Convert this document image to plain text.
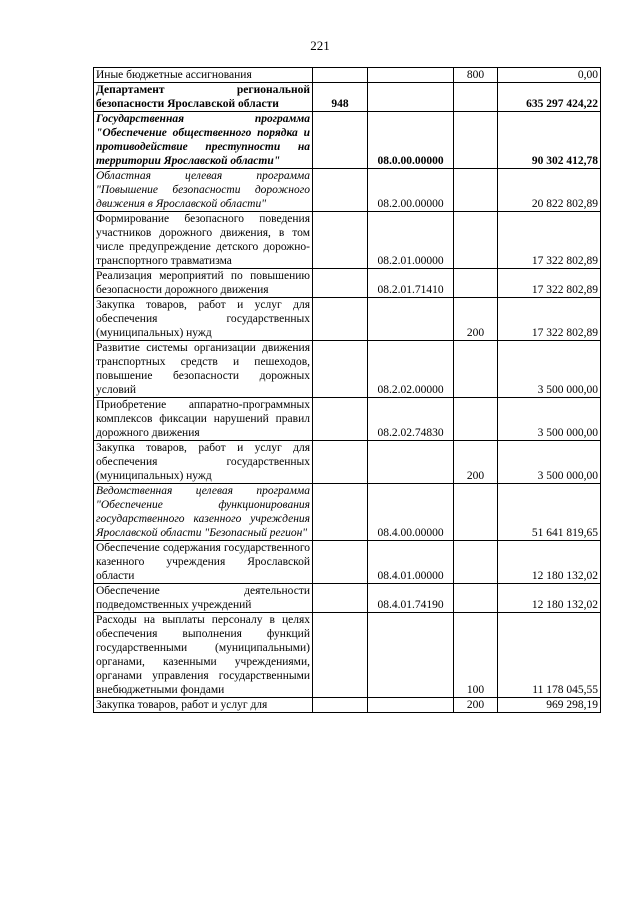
221
Иные бюджетные ассигнования			800	0,00
Департамент региональной безопасности Ярославской области	948			635 297 424,22
Государственная программа "Обеспечение общественного порядка и противодействие преступности на территории Ярославской области"		08.0.00.00000		90 302 412,78
Областная целевая программа "Повышение безопасности дорожного движения в Ярославской области"		08.2.00.00000		20 822 802,89
Формирование безопасного поведения участников дорожного движения, в том числе предупреждение детского дорожно-транспортного травматизма		08.2.01.00000		17 322 802,89
Реализация мероприятий по повышению безопасности дорожного движения		08.2.01.71410		17 322 802,89
Закупка товаров, работ и услуг для обеспечения государственных (муниципальных) нужд			200	17 322 802,89
Развитие системы организации движения транспортных средств и пешеходов, повышение безопасности дорожных условий		08.2.02.00000		3 500 000,00
Приобретение аппаратно-программных комплексов фиксации нарушений правил дорожного движения		08.2.02.74830		3 500 000,00
Закупка товаров, работ и услуг для обеспечения государственных (муниципальных) нужд			200	3 500 000,00
Ведомственная целевая программа "Обеспечение функционирования государственного казенного учреждения Ярославской области "Безопасный регион"		08.4.00.00000		51 641 819,65
Обеспечение содержания государственного казенного учреждения Ярославской области		08.4.01.00000		12 180 132,02
Обеспечение деятельности подведомственных учреждений		08.4.01.74190		12 180 132,02
Расходы на выплаты персоналу в целях обеспечения выполнения функций государственными (муниципальными) органами, казенными учреждениями, органами управления государственными внебюджетными фондами			100	11 178 045,55
Закупка товаров, работ и услуг для			200	969 298,19
